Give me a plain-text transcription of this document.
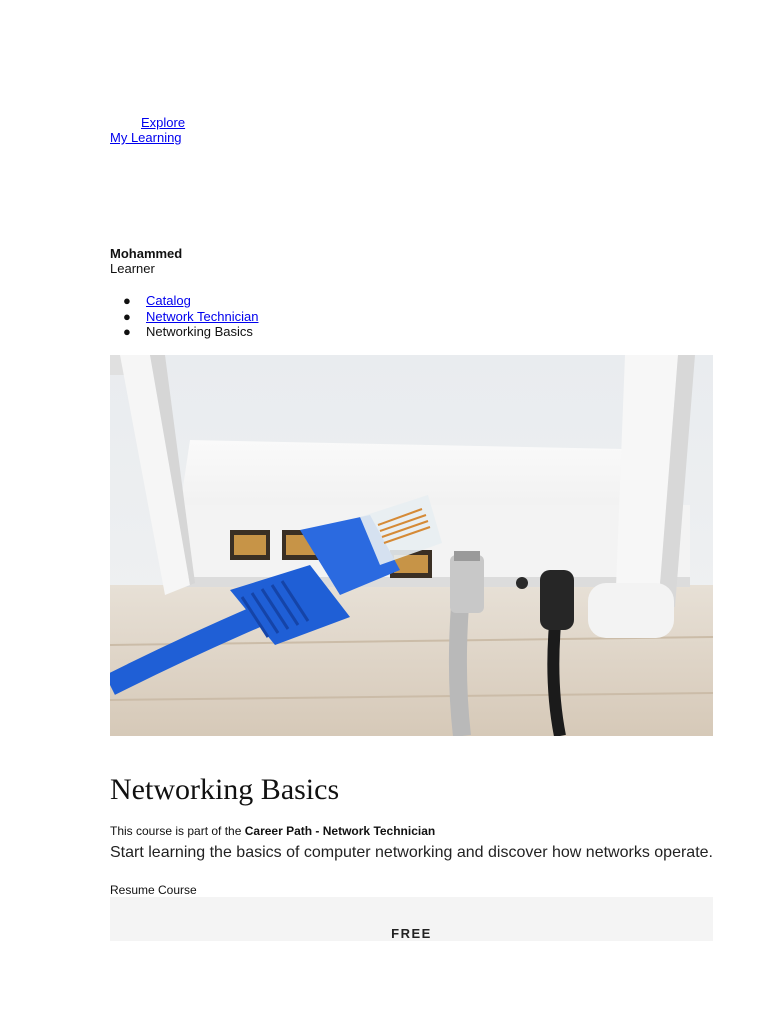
Explore
My Learning
Mohammed
Learner
● Catalog
● Network Technician
● Networking Basics
Networking Basics
This course is part of the Career Path - Network Technician
Start learning the basics of computer networking and discover how networks operate.
Resume Course
FREE
